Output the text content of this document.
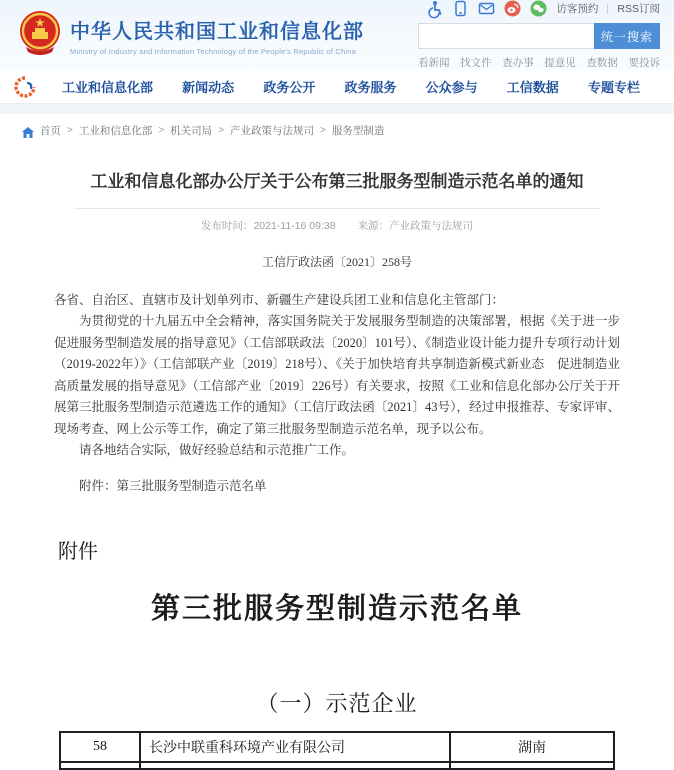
中华人民共和国工业和信息化部
Ministry of Industry and Information Technology of the People's Republic of China
访客预约 RSS订阅
统一搜索
看新闻 找文件 查办事 提意见 查数据 要投诉
工业和信息化部 新闻动态 政务公开 政务服务 公众参与 工信数据 专题专栏
首页 > 工业和信息化部 > 机关司局 > 产业政策与法规司 > 服务型制造
工业和信息化部办公厅关于公布第三批服务型制造示范名单的通知
发布时间：2021-11-16 09:38 来源：产业政策与法规司
工信厅政法函〔2021〕258号

各省、自治区、直辖市及计划单列市、新疆生产建设兵团工业和信息化主管部门：

为贯彻党的十九届五中全会精神，落实国务院关于发展服务型制造的决策部署，根据《关于进一步促进服务型制造发展的指导意见》（工信部联政法〔2020〕101号）、《制造业设计能力提升专项行动计划（2019-2022年）》（工信部联产业〔2019〕218号）、《关于加快培育共享制造新模式新业态　促进制造业高质量发展的指导意见》（工信部产业〔2019〕226号）有关要求，按照《工业和信息化部办公厅关于开展第三批服务型制造示范遴选工作的通知》（工信厅政法函〔2021〕43号），经过申报推荐、专家评审、现场考查、网上公示等工作，确定了第三批服务型制造示范名单，现予以公布。

请各地结合实际，做好经验总结和示范推广工作。

附件：第三批服务型制造示范名单

附件
第三批服务型制造示范名单
（一）示范企业
58	长沙中联重科环境产业有限公司	湖南
